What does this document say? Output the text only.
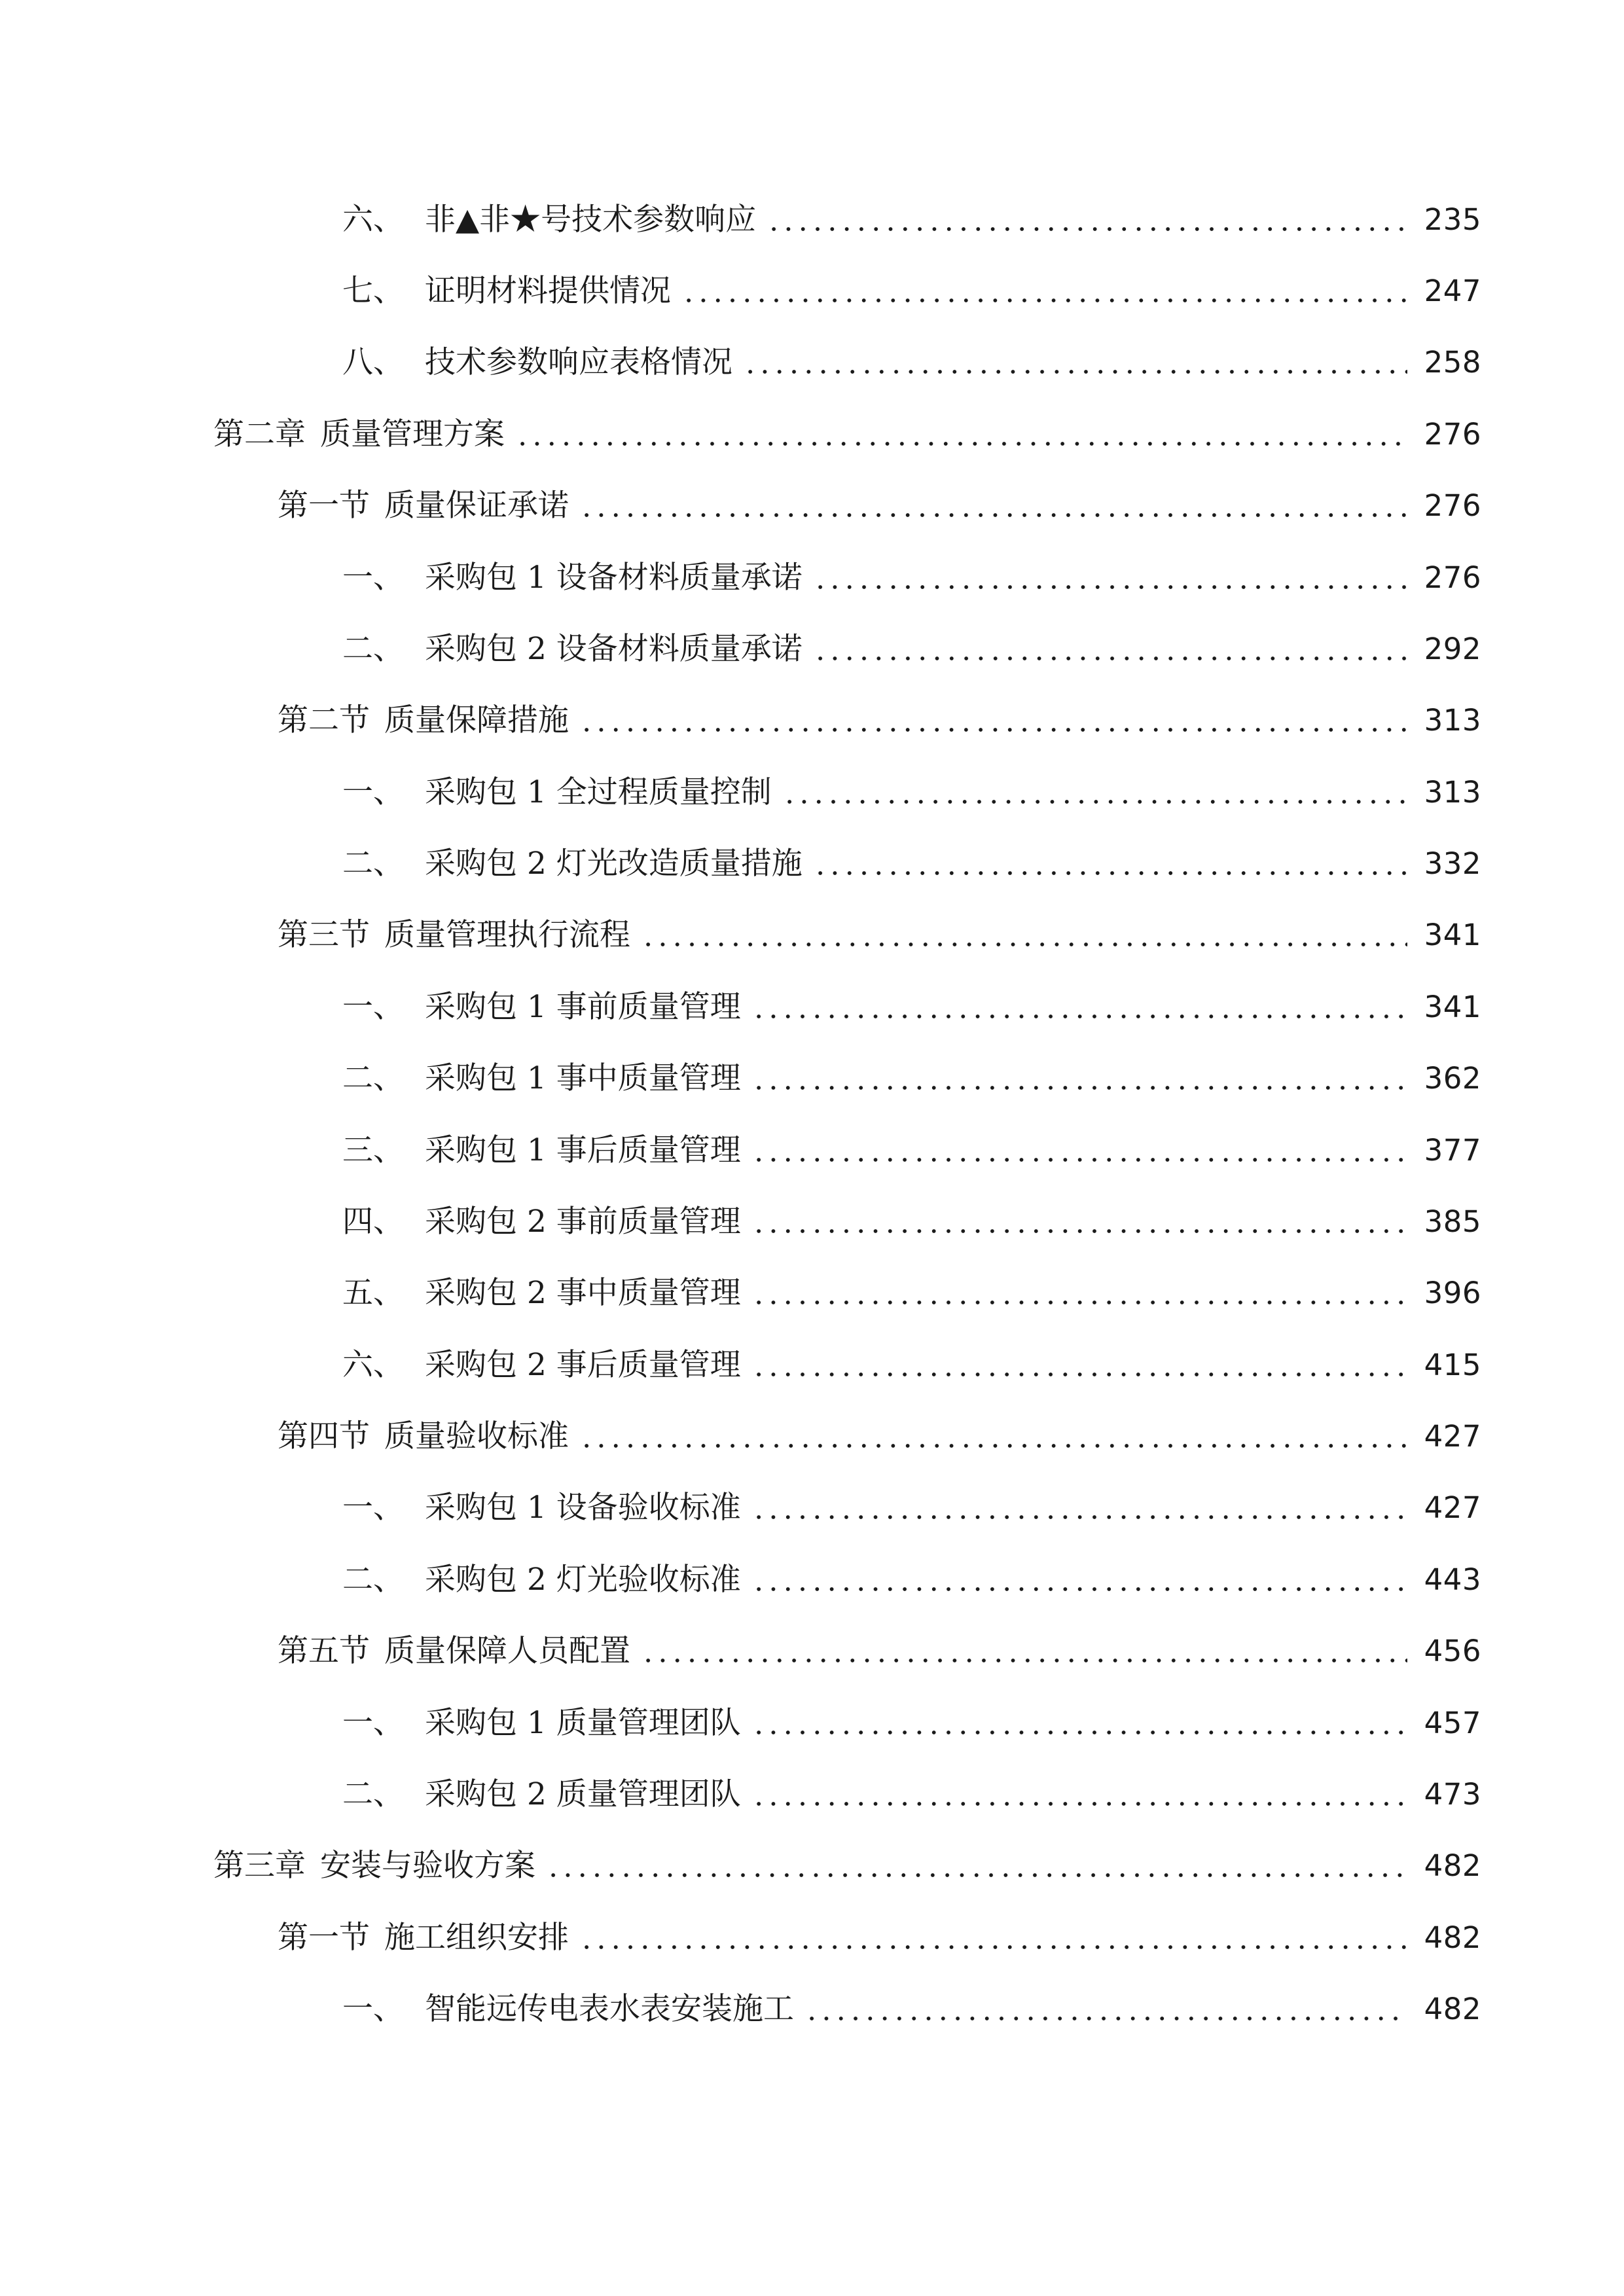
六、 非▲非★号技术参数响应	235
七、 证明材料提供情况	247
八、 技术参数响应表格情况	258
第二章 质量管理方案	276
第一节 质量保证承诺	276
一、 采购包 1 设备材料质量承诺	276
二、 采购包 2 设备材料质量承诺	292
第二节 质量保障措施	313
一、 采购包 1 全过程质量控制	313
二、 采购包 2 灯光改造质量措施	332
第三节 质量管理执行流程	341
一、 采购包 1 事前质量管理	341
二、 采购包 1 事中质量管理	362
三、 采购包 1 事后质量管理	377
四、 采购包 2 事前质量管理	385
五、 采购包 2 事中质量管理	396
六、 采购包 2 事后质量管理	415
第四节 质量验收标准	427
一、 采购包 1 设备验收标准	427
二、 采购包 2 灯光验收标准	443
第五节 质量保障人员配置	456
一、 采购包 1 质量管理团队	457
二、 采购包 2 质量管理团队	473
第三章 安装与验收方案	482
第一节 施工组织安排	482
一、 智能远传电表水表安装施工	482
